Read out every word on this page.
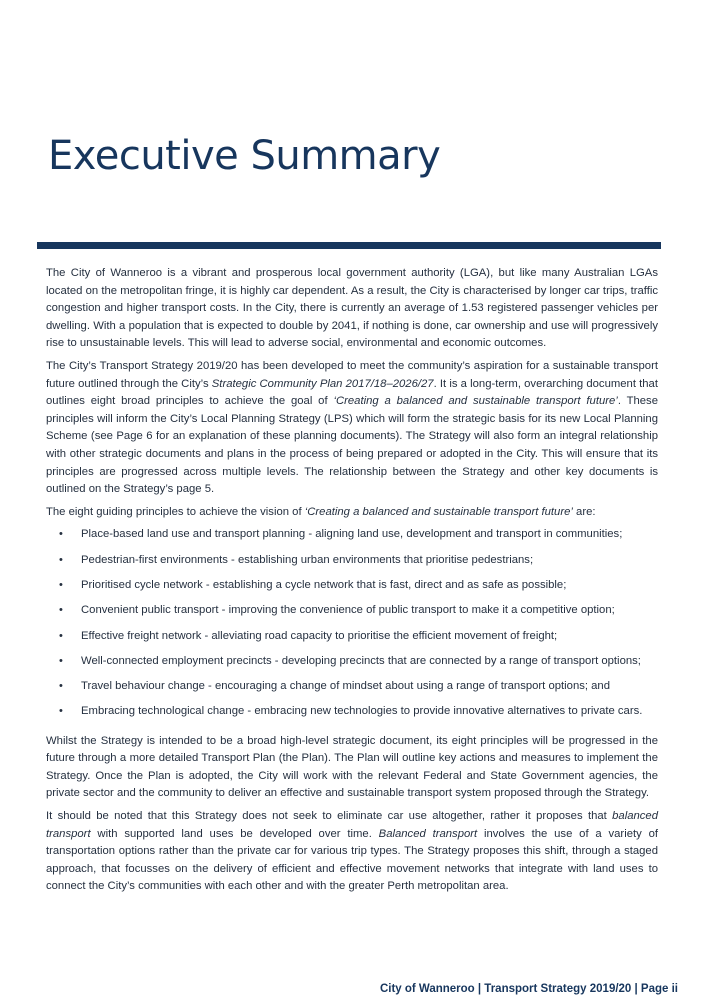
Executive Summary

The City of Wanneroo is a vibrant and prosperous local government authority (LGA), but like many Australian LGAs located on the metropolitan fringe, it is highly car dependent. As a result, the City is characterised by longer car trips, traffic congestion and higher transport costs. In the City, there is currently an average of 1.53 registered passenger vehicles per dwelling. With a population that is expected to double by 2041, if nothing is done, car ownership and use will progressively rise to unsustainable levels. This will lead to adverse social, environmental and economic outcomes.

The City’s Transport Strategy 2019/20 has been developed to meet the community’s aspiration for a sustainable transport future outlined through the City’s Strategic Community Plan 2017/18–2026/27. It is a long-term, overarching document that outlines eight broad principles to achieve the goal of ‘Creating a balanced and sustainable transport future’. These principles will inform the City’s Local Planning Strategy (LPS) which will form the strategic basis for its new Local Planning Scheme (see Page 6 for an explanation of these planning documents). The Strategy will also form an integral relationship with other strategic documents and plans in the process of being prepared or adopted in the City. This will ensure that its principles are progressed across multiple levels. The relationship between the Strategy and other key documents is outlined on the Strategy’s page 5.

The eight guiding principles to achieve the vision of ‘Creating a balanced and sustainable transport future’ are:

• Place-based land use and transport planning - aligning land use, development and transport in communities;
• Pedestrian-first environments - establishing urban environments that prioritise pedestrians;
• Prioritised cycle network - establishing a cycle network that is fast, direct and as safe as possible;
• Convenient public transport - improving the convenience of public transport to make it a competitive option;
• Effective freight network - alleviating road capacity to prioritise the efficient movement of freight;
• Well-connected employment precincts - developing precincts that are connected by a range of transport options;
• Travel behaviour change - encouraging a change of mindset about using a range of transport options; and
• Embracing technological change - embracing new technologies to provide innovative alternatives to private cars.

Whilst the Strategy is intended to be a broad high-level strategic document, its eight principles will be progressed in the future through a more detailed Transport Plan (the Plan). The Plan will outline key actions and measures to implement the Strategy. Once the Plan is adopted, the City will work with the relevant Federal and State Government agencies, the private sector and the community to deliver an effective and sustainable transport system proposed through the Strategy.

It should be noted that this Strategy does not seek to eliminate car use altogether, rather it proposes that balanced transport with supported land uses be developed over time. Balanced transport involves the use of a variety of transportation options rather than the private car for various trip types. The Strategy proposes this shift, through a staged approach, that focusses on the delivery of efficient and effective movement networks that integrate with land uses to connect the City’s communities with each other and with the greater Perth metropolitan area.

City of Wanneroo | Transport Strategy 2019/20 | Page ii
